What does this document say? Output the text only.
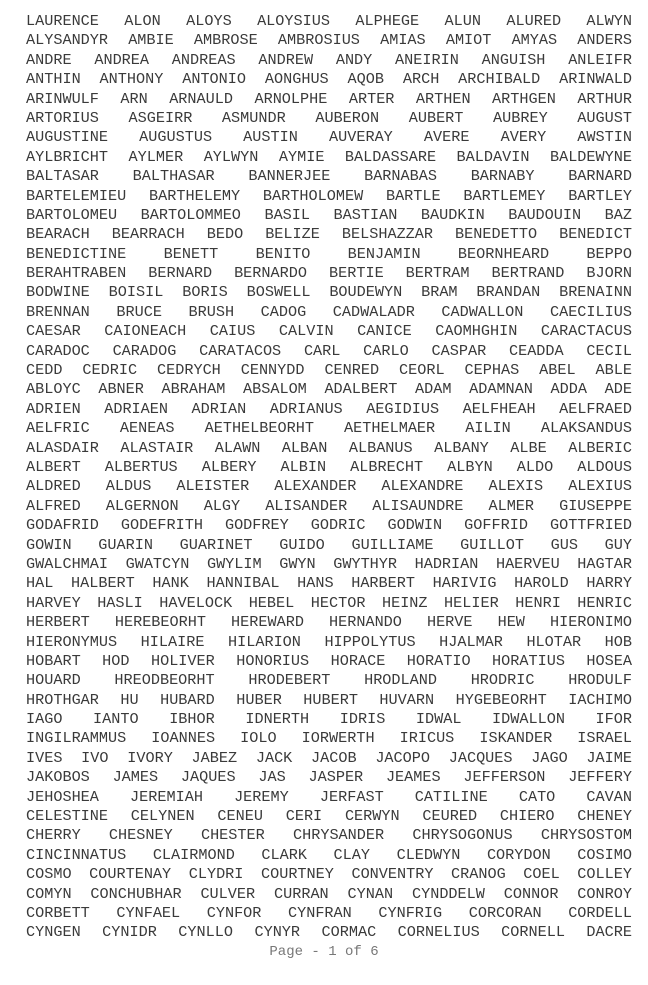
LAURENCE ALON ALOYS ALOYSIUS ALPHEGE ALUN ALURED ALWYN
ALYSANDYR AMBIE AMBROSE AMBROSIUS AMIAS AMIOT AMYAS ANDERS
ANDRE ANDREA ANDREAS ANDREW ANDY ANEIRIN ANGUISH ANLEIFR
ANTHIN ANTHONY ANTONIO AONGHUS AQOB ARCH ARCHIBALD ARINWALD
ARINWULF ARN ARNAULD ARNOLPHE ARTER ARTHEN ARTHGEN ARTHUR
ARTORIUS ASGEIRR ASMUNDR AUBERON AUBERT AUBREY AUGUST
AUGUSTINE AUGUSTUS AUSTIN AUVERAY AVERE AVERY AWSTIN
AYLBRICHT AYLMER AYLWYN AYMIE BALDASSARE BALDAVIN BALDEWYNE
BALTASAR BALTHASAR BANNERJEE BARNABAS BARNABY BARNARD
BARTELEMIEU BARTHELEMY BARTHOLOMEW BARTLE BARTLEMEY BARTLEY
BARTOLOMEU BARTOLOMMEO BASIL BASTIAN BAUDKIN BAUDOUIN BAZ
BEARACH BEARRACH BEDO BELIZE BELSHAZZAR BENEDETTO BENEDICT
BENEDICTINE BENETT BENITO BENJAMIN BEORNHEARD BEPPO
BERAHTRABEN BERNARD BERNARDO BERTIE BERTRAM BERTRAND BJORN
BODWINE BOISIL BORIS BOSWELL BOUDEWYN BRAM BRANDAN BRENAINN
BRENNAN BRUCE BRUSH CADOG CADWALADR CADWALLON CAECILIUS
CAESAR CAIONEACH CAIUS CALVIN CANICE CAOMHGHIN CARACTACUS
CARADOC CARADOG CARATACOS CARL CARLO CASPAR CEADDA CECIL
CEDD CEDRIC CEDRYCH CENNYDD CENRED CEORL CEPHAS ABEL ABLE
ABLOYC ABNER ABRAHAM ABSALOM ADALBERT ADAM ADAMNAN ADDA ADE
ADRIEN ADRIAEN ADRIAN ADRIANUS AEGIDIUS AELFHEAH AELFRAED
AELFRIC AENEAS AETHELBEORHT AETHELMAER AILIN ALAKSANDUS
ALASDAIR ALASTAIR ALAWN ALBAN ALBANUS ALBANY ALBE ALBERIC
ALBERT ALBERTUS ALBERY ALBIN ALBRECHT ALBYN ALDO ALDOUS
ALDRED ALDUS ALEISTER ALEXANDER ALEXANDRE ALEXIS ALEXIUS
ALFRED ALGERNON ALGY ALISANDER ALISAUNDRE ALMER GIUSEPPE
GODAFRID GODEFRITH GODFREY GODRIC GODWIN GOFFRID GOTTFRIED
GOWIN GUARIN GUARINET GUIDO GUILLIAME GUILLOT GUS GUY
GWALCHMAI GWATCYN GWYLIM GWYN GWYTHYR HADRIAN HAERVEU HAGTAR
HAL HALBERT HANK HANNIBAL HANS HARBERT HARIVIG HAROLD HARRY
HARVEY HASLI HAVELOCK HEBEL HECTOR HEINZ HELIER HENRI HENRIC
HERBERT HEREBEORHT HEREWARD HERNANDO HERVE HEW HIERONIMO
HIERONYMUS HILAIRE HILARION HIPPOLYTUS HJALMAR HLOTAR HOB
HOBART HOD HOLIVER HONORIUS HORACE HORATIO HORATIUS HOSEA
HOUARD HREODBEORHT HRODEBERT HRODLAND HRODRIC HRODULF
HROTHGAR HU HUBARD HUBER HUBERT HUVARN HYGEBEORHT IACHIMO
IAGO IANTO IBHOR IDNERTH IDRIS IDWAL IDWALLON IFOR
INGILRAMMUS IOANNES IOLO IORWERTH IRICUS ISKANDER ISRAEL
IVES IVO IVORY JABEZ JACK JACOB JACOPO JACQUES JAGO JAIME
JAKOBOS JAMES JAQUES JAS JASPER JEAMES JEFFERSON JEFFERY
JEHOSHEA JEREMIAH JEREMY JERFAST CATILINE CATO CAVAN
CELESTINE CELYNEN CENEU CERI CERWYN CEURED CHIERO CHENEY
CHERRY CHESNEY CHESTER CHRYSANDER CHRYSOGONUS CHRYSOSTOM
CINCINNATUS CLAIRMOND CLARK CLAY CLEDWYN CORYDON COSIMO
COSMO COURTENAY CLYDRI COURTNEY CONVENTRY CRANOG COEL COLLEY
COMYN CONCHUBHAR CULVER CURRAN CYNAN CYNDDELW CONNOR CONROY
CORBETT CYNFAEL CYNFOR CYNFRAN CYNFRIG CORCORAN CORDELL
CYNGEN CYNIDR CYNLLO CYNYR CORMAC CORNELIUS CORNELL DACRE
Page - 1 of 6
